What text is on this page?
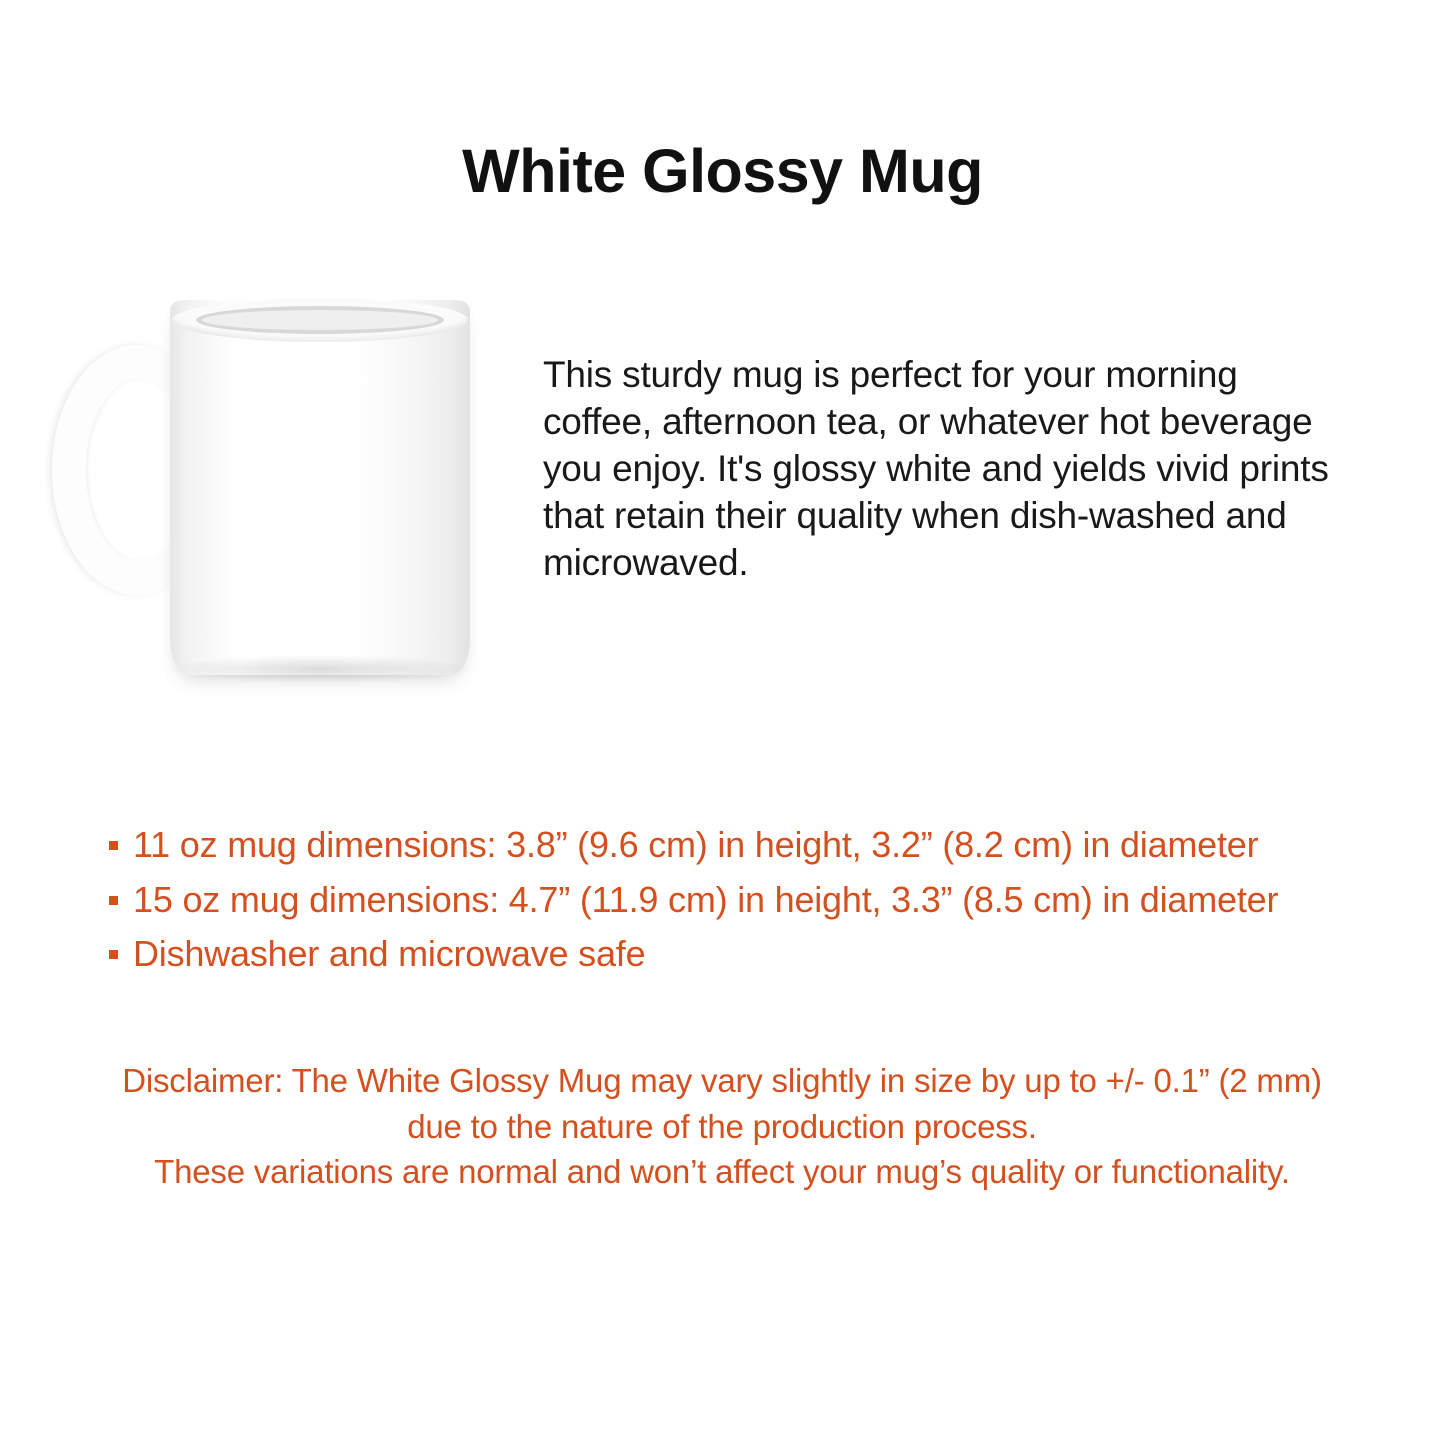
White Glossy Mug

This sturdy mug is perfect for your morning coffee, afternoon tea, or whatever hot beverage you enjoy. It's glossy white and yields vivid prints that retain their quality when dish-washed and microwaved.

11 oz mug dimensions: 3.8” (9.6 cm) in height, 3.2” (8.2 cm) in diameter
15 oz mug dimensions: 4.7” (11.9 cm) in height, 3.3” (8.5 cm) in diameter
Dishwasher and microwave safe
Disclaimer: The White Glossy Mug may vary slightly in size by up to +/- 0.1” (2 mm)
due to the nature of the production process.
These variations are normal and won’t affect your mug’s quality or functionality.
